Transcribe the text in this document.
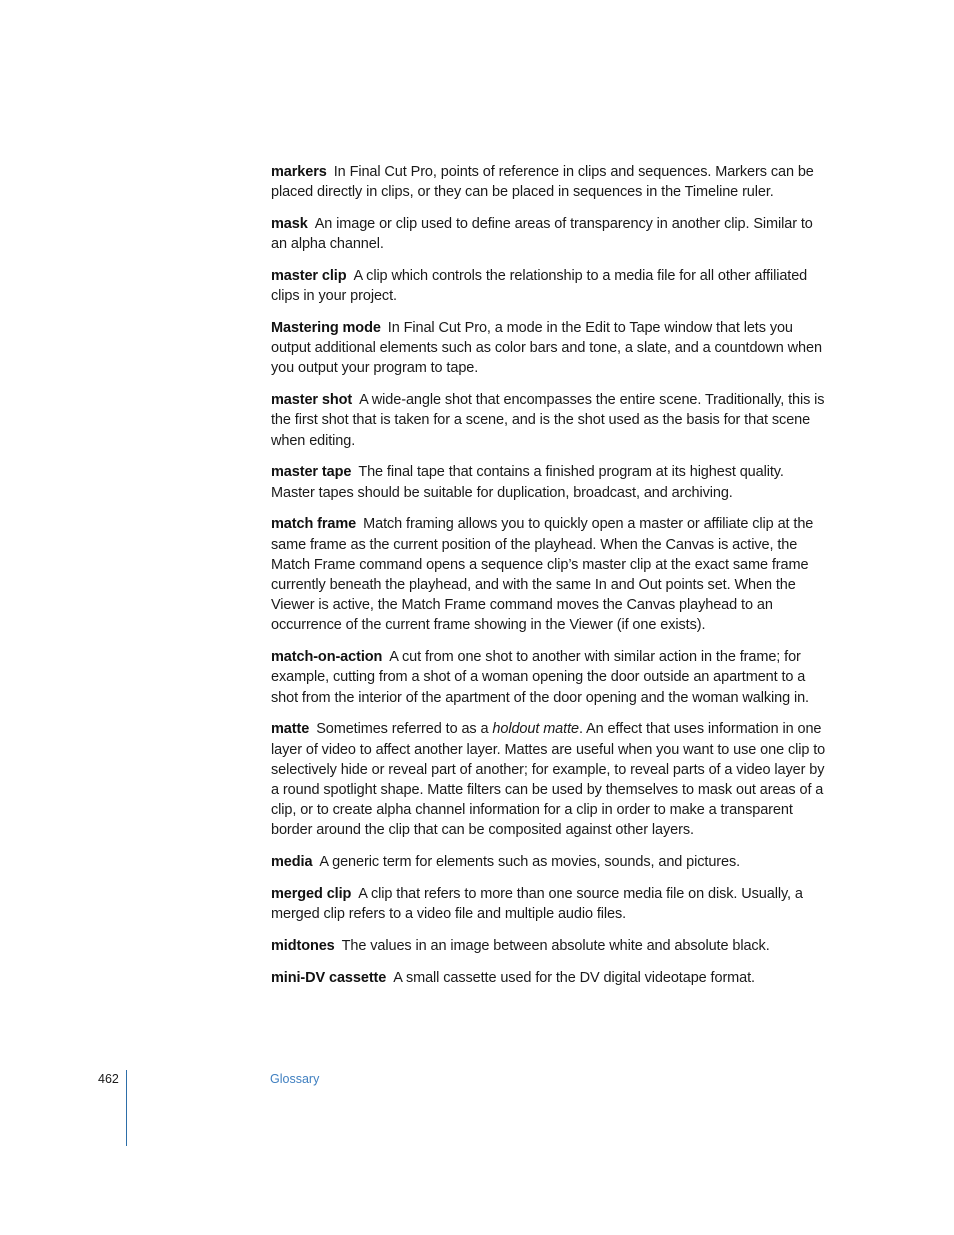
markers In Final Cut Pro, points of reference in clips and sequences. Markers can be placed directly in clips, or they can be placed in sequences in the Timeline ruler.

mask An image or clip used to define areas of transparency in another clip. Similar to an alpha channel.

master clip A clip which controls the relationship to a media file for all other affiliated clips in your project.

Mastering mode In Final Cut Pro, a mode in the Edit to Tape window that lets you output additional elements such as color bars and tone, a slate, and a countdown when you output your program to tape.

master shot A wide-angle shot that encompasses the entire scene. Traditionally, this is the first shot that is taken for a scene, and is the shot used as the basis for that scene when editing.

master tape The final tape that contains a finished program at its highest quality. Master tapes should be suitable for duplication, broadcast, and archiving.

match frame Match framing allows you to quickly open a master or affiliate clip at the same frame as the current position of the playhead. When the Canvas is active, the Match Frame command opens a sequence clip’s master clip at the exact same frame currently beneath the playhead, and with the same In and Out points set. When the Viewer is active, the Match Frame command moves the Canvas playhead to an occurrence of the current frame showing in the Viewer (if one exists).

match-on-action A cut from one shot to another with similar action in the frame; for example, cutting from a shot of a woman opening the door outside an apartment to a shot from the interior of the apartment of the door opening and the woman walking in.

matte Sometimes referred to as a holdout matte. An effect that uses information in one layer of video to affect another layer. Mattes are useful when you want to use one clip to selectively hide or reveal part of another; for example, to reveal parts of a video layer by a round spotlight shape. Matte filters can be used by themselves to mask out areas of a clip, or to create alpha channel information for a clip in order to make a transparent border around the clip that can be composited against other layers.

media A generic term for elements such as movies, sounds, and pictures.

merged clip A clip that refers to more than one source media file on disk. Usually, a merged clip refers to a video file and multiple audio files.

midtones The values in an image between absolute white and absolute black.

mini-DV cassette A small cassette used for the DV digital videotape format.

462	Glossary
